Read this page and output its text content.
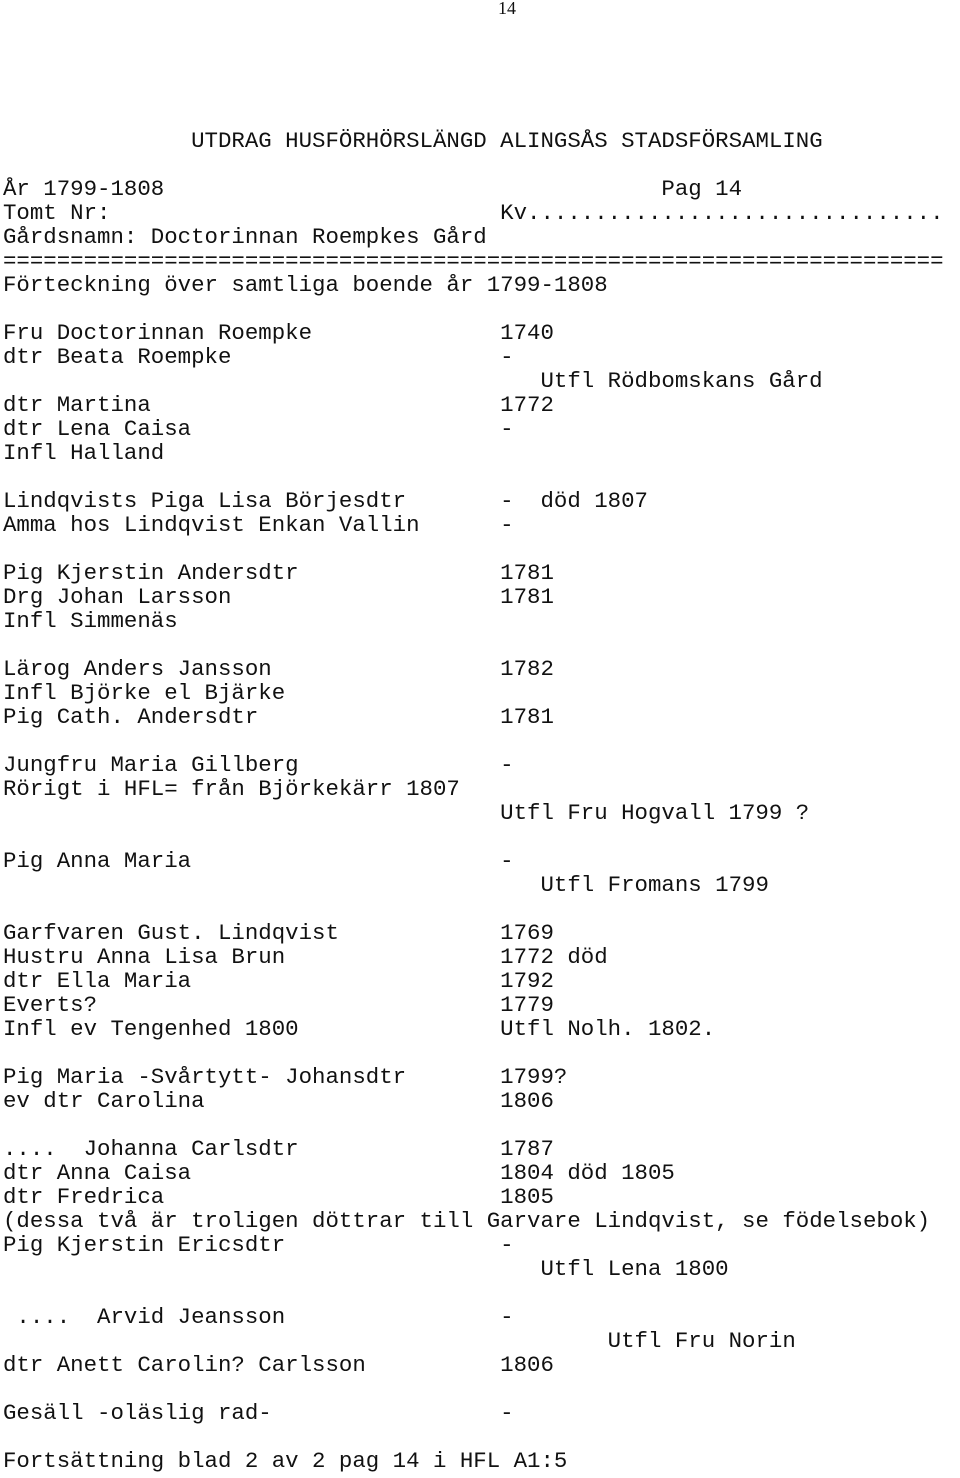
14
UTDRAG HUSFÖRHÖRSLÄNGD ALINGSÅS STADSFÖRSAMLING
År 1799-1808	Pag 14
Tomt Nr:	Kv...............................
Gårdsnamn: Doctorinnan Roempkes Gård
======================================================================
Förteckning över samtliga boende år 1799-1808
Fru Doctorinnan Roempke	1740
dtr Beata Roempke	-
Utfl Rödbomskans Gård
dtr Martina	1772
dtr Lena Caisa	-
Infl Halland
Lindqvists Piga Lisa Börjesdtr	- död 1807
Amma hos Lindqvist Enkan Vallin	-
Pig Kjerstin Andersdtr	1781
Drg Johan Larsson	1781
Infl Simmenäs
Lärog Anders Jansson	1782
Infl Björke el Bjärke
Pig Cath. Andersdtr	1781
Jungfru Maria Gillberg	-
Rörigt i HFL= från Björkekärr 1807
Utfl Fru Hogvall 1799 ?
Pig Anna Maria	-
Utfl Fromans 1799
Garfvaren Gust. Lindqvist	1769
Hustru Anna Lisa Brun	1772 död
dtr Ella Maria	1792
Everts?	1779
Infl ev Tengenhed 1800	Utfl Nolh. 1802.
Pig Maria -Svårtytt- Johansdtr	1799?
ev dtr Carolina	1806
.... Johanna Carlsdtr	1787
dtr Anna Caisa	1804 död 1805
dtr Fredrica	1805
(dessa två är troligen döttrar till Garvare Lindqvist, se födelsebok)
Pig Kjerstin Ericsdtr	-
Utfl Lena 1800
.... Arvid Jeansson	-
Utfl Fru Norin
dtr Anett Carolin? Carlsson	1806
Gesäll -oläslig rad-	-
Fortsättning blad 2 av 2 pag 14 i HFL A1:5
